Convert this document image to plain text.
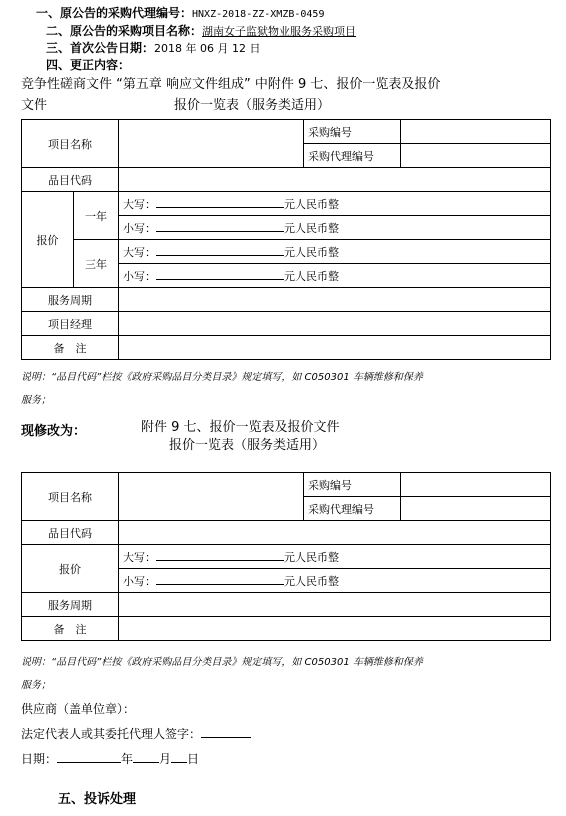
一、原公告的采购代理编号：HNXZ-2018-ZZ-XMZB-0459
二、原公告的采购项目名称：湖南女子监狱物业服务采购项目
三、首次公告日期：2018 年 06 月 12 日
四、更正内容：
竞争性磋商文件 “第五章 响应文件组成” 中附件 9 七、报价一览表及报价
文件	报价一览表（服务类适用）
项目名称			采购编号	
			采购代理编号	
品目代码				
报价	一年	大写： 元人民币整		
		小写： 元人民币整		
	三年	大写： 元人民币整		
		小写： 元人民币整		
服务周期				
项目经理				
备　注				
说明：“品目代码”栏按《政府采购品目分类目录》规定填写，如 C050301 车辆维修和保养
服务；
现修改为：	附件 9 七、报价一览表及报价文件
报价一览表（服务类适用）
项目名称		采购编号	
		采购代理编号	
品目代码			
报价	大写： 元人民币整		
	小写： 元人民币整		
服务周期			
备　注			
说明：“品目代码”栏按《政府采购品目分类目录》规定填写，如 C050301 车辆维修和保养
服务；
供应商（盖单位章）：
法定代表人或其委托代理人签字：
日期：	年 月 日
五、投诉处理
